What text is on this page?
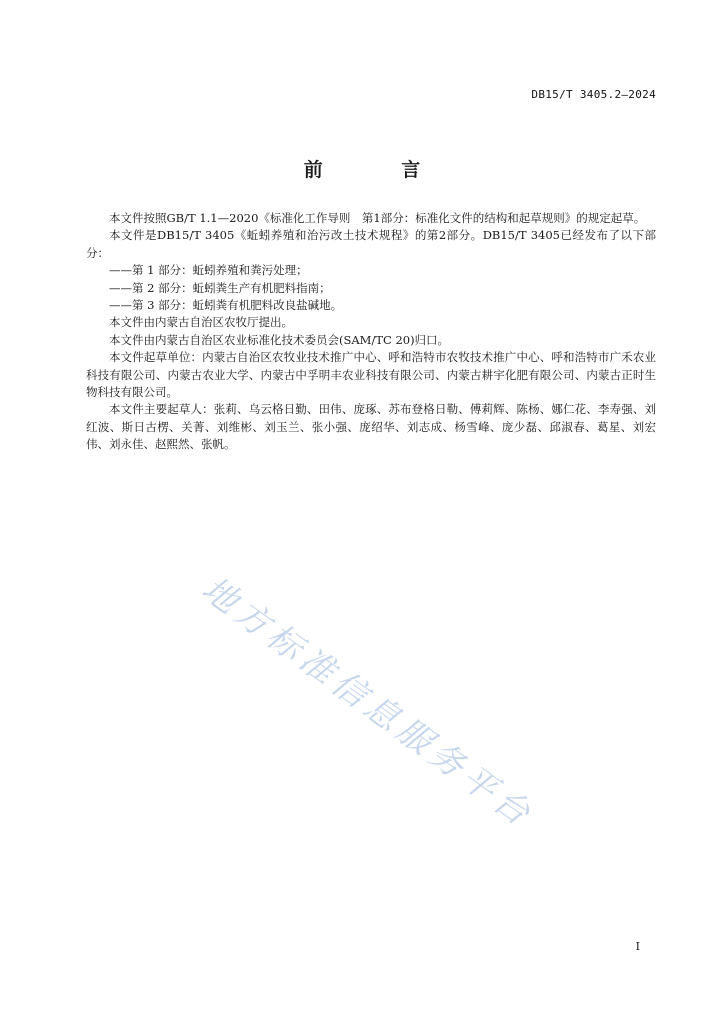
DB15/T 3405.2—2024
前 言

本文件按照GB/T 1.1—2020《标准化工作导则　第1部分：标准化文件的结构和起草规则》的规定起草。

本文件是DB15/T 3405《蚯蚓养殖和治污改土技术规程》的第2部分。DB15/T 3405已经发布了以下部分：

——第 1 部分：蚯蚓养殖和粪污处理；

——第 2 部分：蚯蚓粪生产有机肥料指南；

——第 3 部分：蚯蚓粪有机肥料改良盐碱地。

本文件由内蒙古自治区农牧厅提出。

本文件由内蒙古自治区农业标准化技术委员会(SAM/TC 20)归口。

本文件起草单位：内蒙古自治区农牧业技术推广中心、呼和浩特市农牧技术推广中心、呼和浩特市广禾农业科技有限公司、内蒙古农业大学、内蒙古中孚明丰农业科技有限公司、内蒙古耕宇化肥有限公司、内蒙古正时生物科技有限公司。

本文件主要起草人：张莉、乌云格日勤、田伟、庞琢、苏布登格日勒、傅莉辉、陈杨、娜仁花、李寿强、刘红波、斯日古楞、关菁、刘维彬、刘玉兰、张小强、庞绍华、刘志成、杨雪峰、庞少磊、邱淑春、葛星、刘宏伟、刘永佳、赵熙然、张帆。

地方标准信息服务平台
I
